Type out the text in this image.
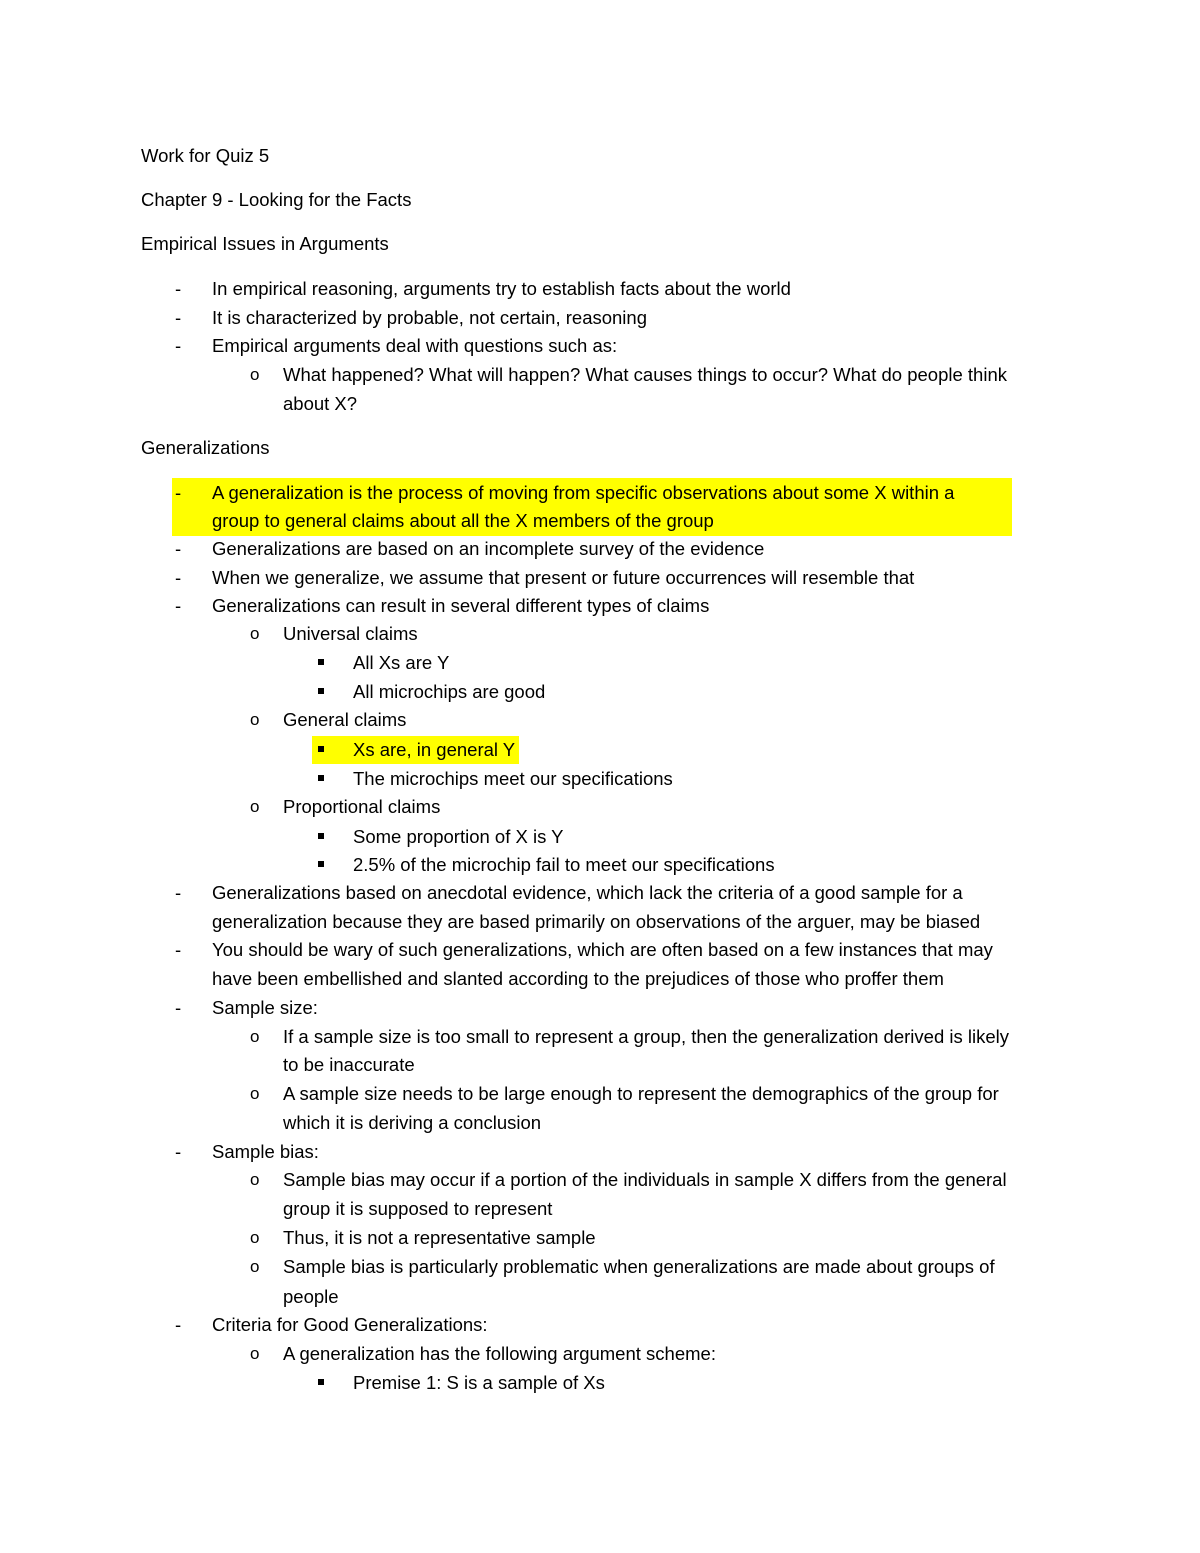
Work for Quiz 5
Chapter 9 - Looking for the Facts
Empirical Issues in Arguments
- In empirical reasoning, arguments try to establish facts about the world
- It is characterized by probable, not certain, reasoning
- Empirical arguments deal with questions such as:
o What happened? What will happen? What causes things to occur? What do people think
about X?
Generalizations
- A generalization is the process of moving from specific observations about some X within a
group to general claims about all the X members of the group
- Generalizations are based on an incomplete survey of the evidence
- When we generalize, we assume that present or future occurrences will resemble that
- Generalizations can result in several different types of claims
o Universal claims
All Xs are Y
All microchips are good
o General claims
Xs are, in general Y
The microchips meet our specifications
o Proportional claims
Some proportion of X is Y
2.5% of the microchip fail to meet our specifications
- Generalizations based on anecdotal evidence, which lack the criteria of a good sample for a
generalization because they are based primarily on observations of the arguer, may be biased
- You should be wary of such generalizations, which are often based on a few instances that may
have been embellished and slanted according to the prejudices of those who proffer them
- Sample size:
o If a sample size is too small to represent a group, then the generalization derived is likely
to be inaccurate
o A sample size needs to be large enough to represent the demographics of the group for
which it is deriving a conclusion
- Sample bias:
o Sample bias may occur if a portion of the individuals in sample X differs from the general
group it is supposed to represent
o Thus, it is not a representative sample
o Sample bias is particularly problematic when generalizations are made about groups of
people
- Criteria for Good Generalizations:
o A generalization has the following argument scheme:
Premise 1: S is a sample of Xs
